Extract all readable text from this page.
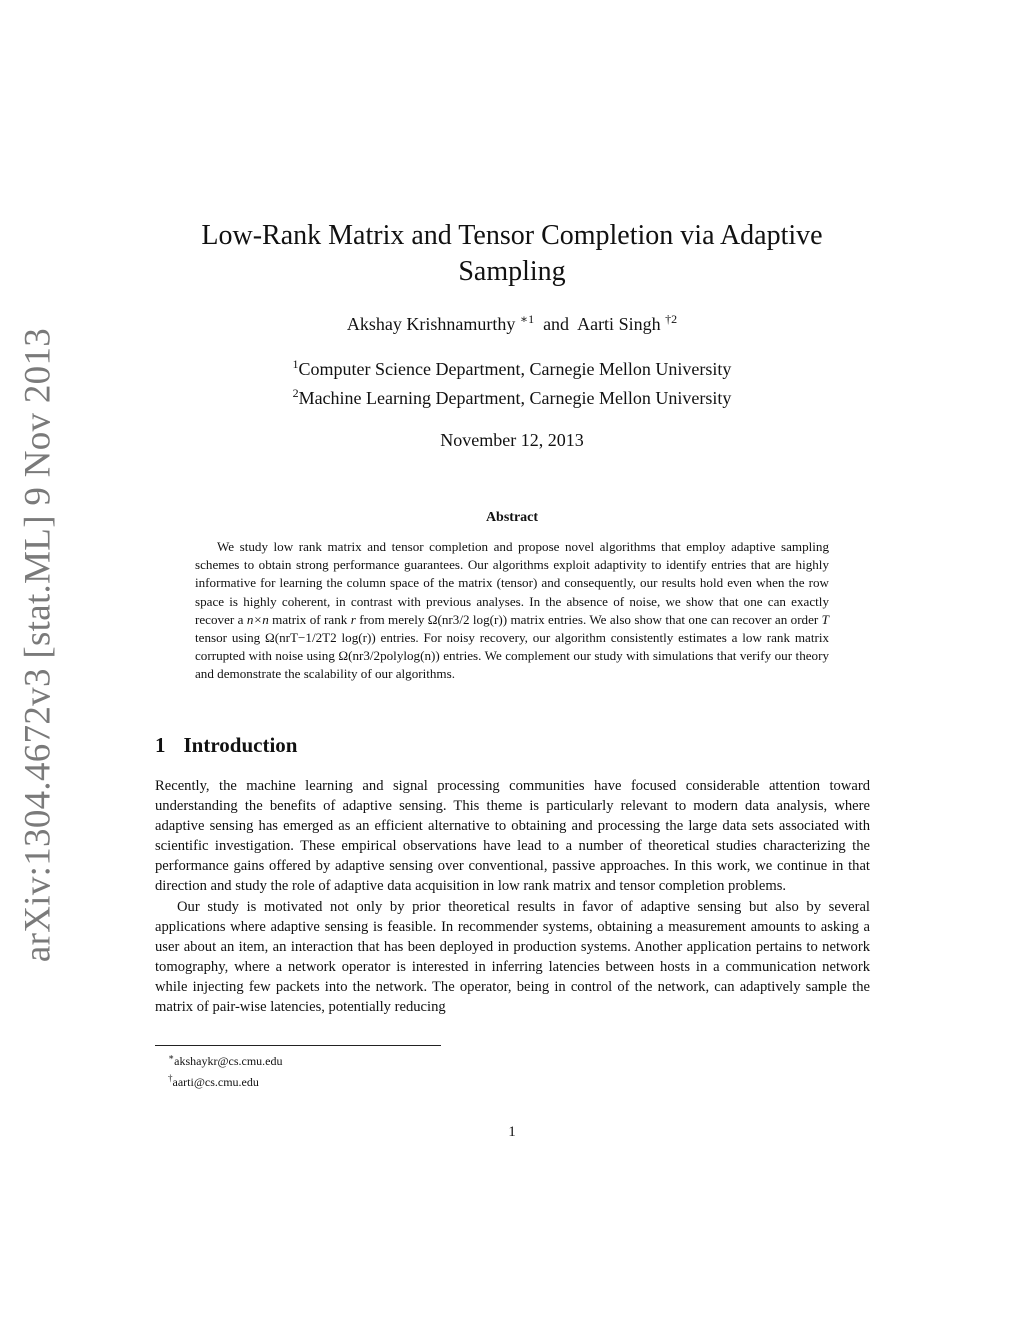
arXiv:1304.4672v3 [stat.ML] 9 Nov 2013
Low-Rank Matrix and Tensor Completion via Adaptive Sampling
Akshay Krishnamurthy $^{∗1}$ and Aarti Singh $^{\dagger 2}$
$^1$Computer Science Department, Carnegie Mellon University
$^2$Machine Learning Department, Carnegie Mellon University
November 12, 2013
Abstract

We study low rank matrix and tensor completion and propose novel algorithms that employ adaptive sampling schemes to obtain strong performance guarantees. Our algorithms exploit adaptivity to identify entries that are highly informative for learning the column space of the matrix (tensor) and consequently, our results hold even when the row space is highly coherent, in contrast with previous analyses. In the absence of noise, we show that one can exactly recover a n×n matrix of rank r from merely Ω(nr3/2 log(r)) matrix entries. We also show that one can recover an order T tensor using Ω(nrT−1/2T2 log(r)) entries. For noisy recovery, our algorithm consistently estimates a low rank matrix corrupted with noise using Ω(nr3/2polylog(n)) entries. We complement our study with simulations that verify our theory and demonstrate the scalability of our algorithms.

1 Introduction

Recently, the machine learning and signal processing communities have focused considerable attention toward understanding the benefits of adaptive sensing. This theme is particularly relevant to modern data analysis, where adaptive sensing has emerged as an efficient alternative to obtaining and processing the large data sets associated with scientific investigation. These empirical observations have lead to a number of theoretical studies characterizing the performance gains offered by adaptive sensing over conventional, passive approaches. In this work, we continue in that direction and study the role of adaptive data acquisition in low rank matrix and tensor completion problems.

Our study is motivated not only by prior theoretical results in favor of adaptive sensing but also by several applications where adaptive sensing is feasible. In recommender systems, obtaining a measurement amounts to asking a user about an item, an interaction that has been deployed in production systems. Another application pertains to network tomography, where a network operator is interested in inferring latencies between hosts in a communication network while injecting few packets into the network. The operator, being in control of the network, can adaptively sample the matrix of pair-wise latencies, potentially reducing

∗akshaykr@cs.cmu.edu
†aarti@cs.cmu.edu
1
